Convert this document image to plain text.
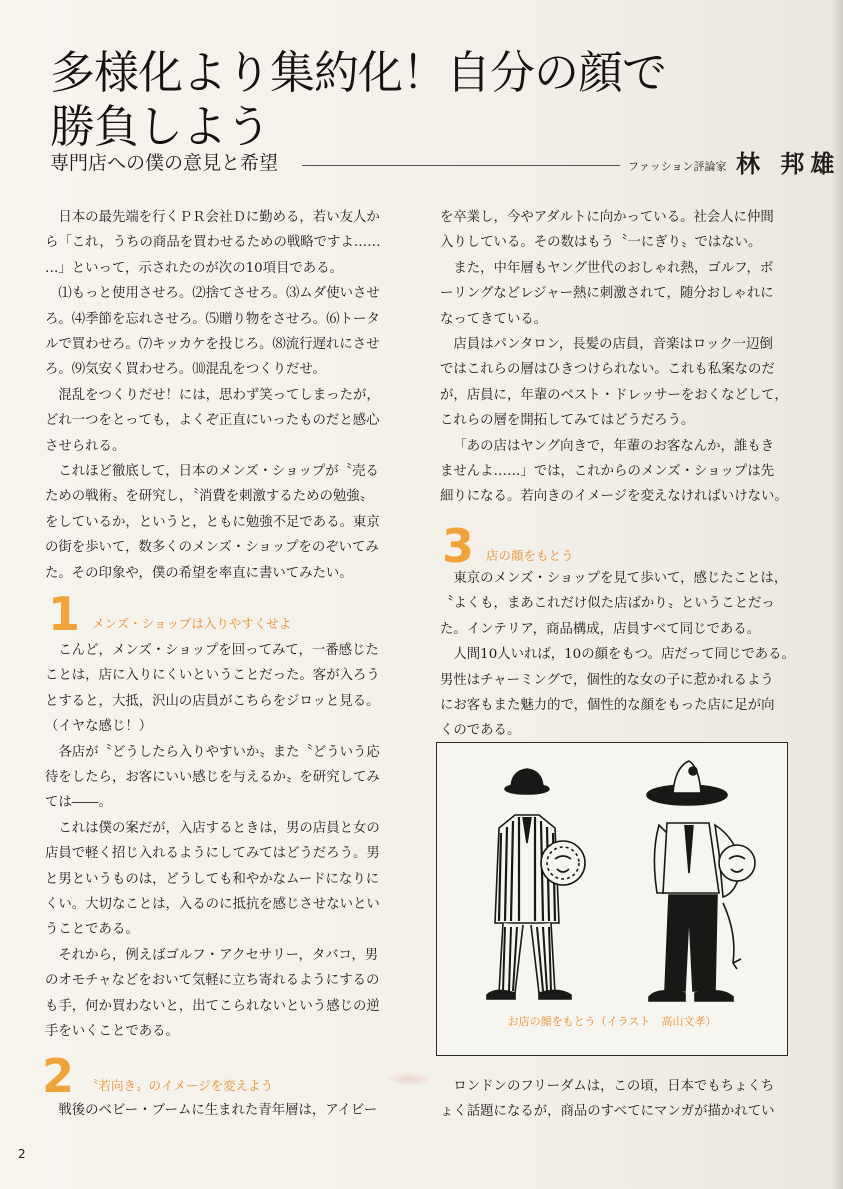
多様化より集約化！自分の顔で
勝負しよう
専門店への僕の意見と希望	ファッション評論家 林 邦雄

日本の最先端を行くＰＲ会社Ｄに勤める，若い友人か

ら「これ，うちの商品を買わせるための戦略ですよ……

…」といって，示されたのが次の10項目である。

⑴もっと使用させろ。⑵捨てさせろ。⑶ムダ使いさせ

ろ。⑷季節を忘れさせろ。⑸贈り物をさせろ。⑹トータ

ルで買わせろ。⑺キッカケを投じろ。⑻流行遅れにさせ

ろ。⑼気安く買わせろ。⑽混乱をつくりだせ。

混乱をつくりだせ！には，思わず笑ってしまったが，

どれ一つをとっても，よくぞ正直にいったものだと感心

させられる。

これほど徹底して，日本のメンズ・ショップが〝売る

ための戦術〟を研究し，〝消費を刺激するための勉強〟

をしているか，というと，ともに勉強不足である。東京

の街を歩いて，数多くのメンズ・ショップをのぞいてみ

た。その印象や，僕の希望を率直に書いてみたい。

1 メンズ・ショップは入りやすくせよ

こんど，メンズ・ショップを回ってみて，一番感じた

ことは，店に入りにくいということだった。客が入ろう

とすると，大抵，沢山の店員がこちらをジロッと見る。

（イヤな感じ！）

各店が〝どうしたら入りやすいか〟また〝どういう応

待をしたら，お客にいい感じを与えるか〟を研究してみ

ては――。

これは僕の案だが，入店するときは，男の店員と女の

店員で軽く招じ入れるようにしてみてはどうだろう。男

と男というものは，どうしても和やかなムードになりに

くい。大切なことは，入るのに抵抗を感じさせないとい

うことである。

それから，例えばゴルフ・アクセサリー，タバコ，男

のオモチャなどをおいて気軽に立ち寄れるようにするの

も手，何か買わないと，出てこられないという感じの逆

手をいくことである。

2 〝若向き〟のイメージを変えよう

戦後のベビー・ブームに生まれた青年層は，アイビー

を卒業し，今やアダルトに向かっている。社会人に仲間

入りしている。その数はもう〝一にぎり〟ではない。

また，中年層もヤング世代のおしゃれ熱，ゴルフ，ボ

ーリングなどレジャー熱に刺激されて，随分おしゃれに

なってきている。

店員はパンタロン，長髪の店員，音楽はロック一辺倒

ではこれらの層はひきつけられない。これも私案なのだ

が，店員に，年輩のベスト・ドレッサーをおくなどして，

これらの層を開拓してみてはどうだろう。

「あの店はヤング向きで，年輩のお客なんか，誰もき

ませんよ……」では，これからのメンズ・ショップは先

細りになる。若向きのイメージを変えなければいけない。

3 店の顔をもとう

東京のメンズ・ショップを見て歩いて，感じたことは，

〝よくも，まあこれだけ似た店ばかり〟ということだっ

た。インテリア，商品構成，店員すべて同じである。

人間10人いれば，10の顔をもつ。店だって同じである。

男性はチャーミングで，個性的な女の子に惹かれるよう

にお客もまた魅力的で，個性的な顔をもった店に足が向

くのである。

お店の顔をもとう（イラスト　高山文孝）

ロンドンのフリーダムは，この頃，日本でもちょくち

ょく話題になるが，商品のすべてにマンガが描かれてい

2
